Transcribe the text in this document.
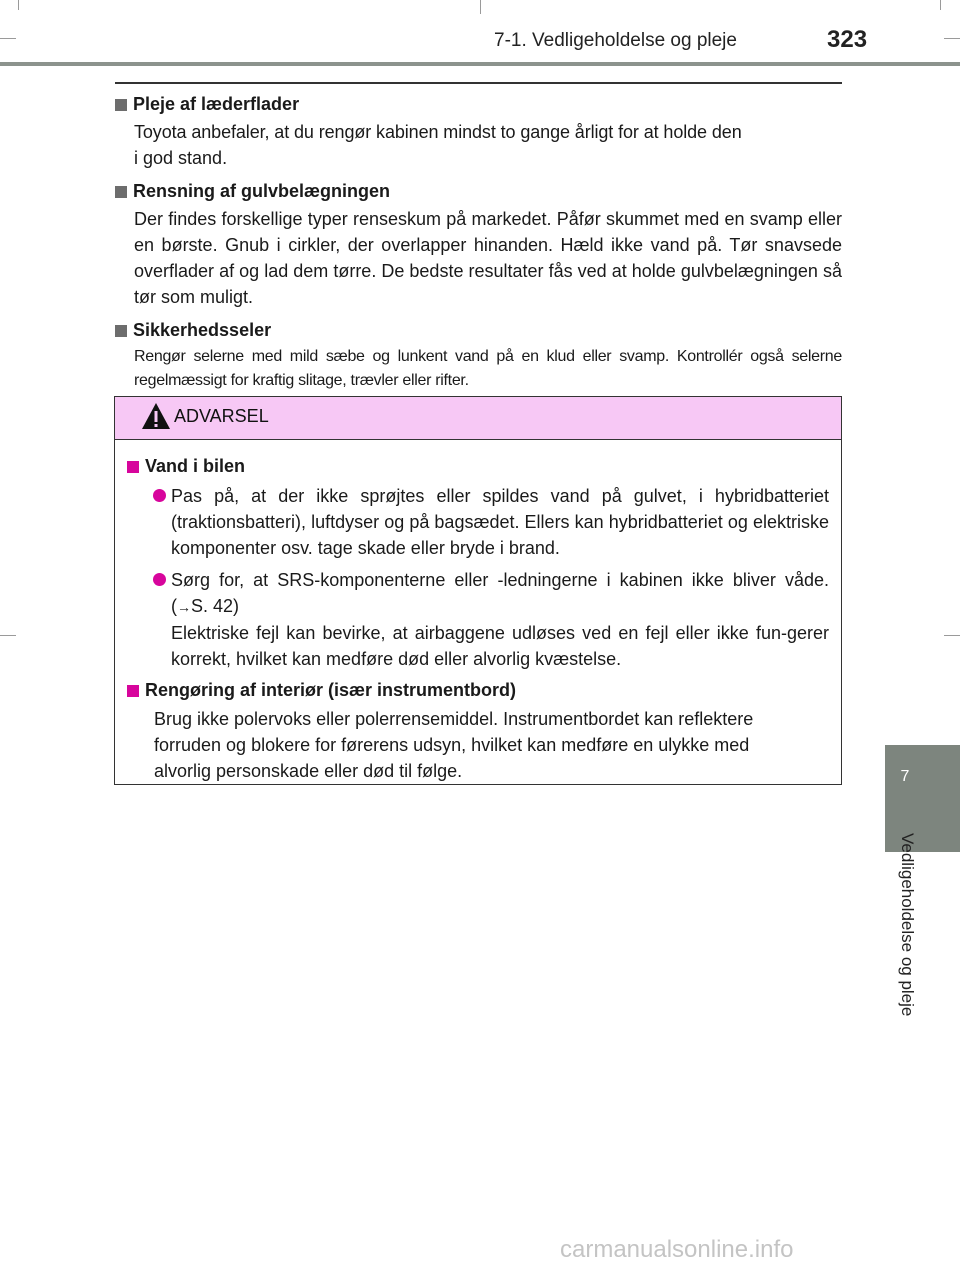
7-1. Vedligeholdelse og pleje	323
7
Vedligeholdelse og pleje
Pleje af læderflader
Toyota anbefaler, at du rengør kabinen mindst to gange årligt for at holde den
i god stand.
Rensning af gulvbelægningen
Der findes forskellige typer renseskum på markedet. Påfør skummet med en svamp eller en børste. Gnub i cirkler, der overlapper hinanden. Hæld ikke vand på. Tør snavsede overflader af og lad dem tørre. De bedste resultater fås ved at holde gulvbelægningen så tør som muligt.
Sikkerhedsseler
Rengør selerne med mild sæbe og lunkent vand på en klud eller svamp. Kontrollér også selerne regelmæssigt for kraftig slitage, trævler eller rifter.
ADVARSEL
Vand i bilen
Pas på, at der ikke sprøjtes eller spildes vand på gulvet, i hybridbatteriet (traktionsbatteri), luftdyser og på bagsædet. Ellers kan hybridbatteriet og elektriske komponenter osv. tage skade eller bryde i brand.
Sørg for, at SRS-komponenterne eller -ledningerne i kabinen ikke bliver våde. (→S. 42)
Elektriske fejl kan bevirke, at airbaggene udløses ved en fejl eller ikke fun-gerer korrekt, hvilket kan medføre død eller alvorlig kvæstelse.
Rengøring af interiør (især instrumentbord)
Brug ikke polervoks eller polerrensemiddel. Instrumentbordet kan reflektere
forruden og blokere for førerens udsyn, hvilket kan medføre en ulykke med
alvorlig personskade eller død til følge.
carmanualsonline.info
